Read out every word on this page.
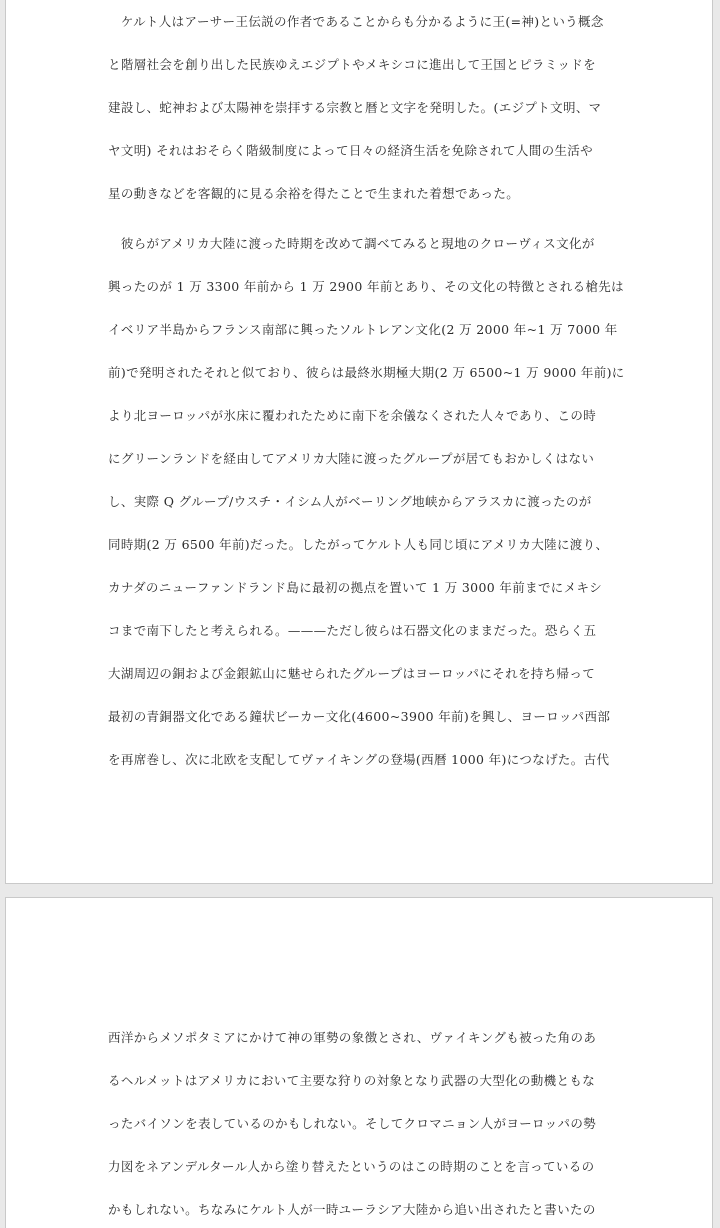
　ケルト人はアーサー王伝説の作者であることからも分かるように王(=神)という概念
と階層社会を創り出した民族ゆえエジプトやメキシコに進出して王国とピラミッドを
建設し、蛇神および太陽神を崇拝する宗教と暦と文字を発明した。(エジプト文明、マ
ヤ文明) それはおそらく階級制度によって日々の経済生活を免除されて人間の生活や
星の動きなどを客観的に見る余裕を得たことで生まれた着想であった。
　彼らがアメリカ大陸に渡った時期を改めて調べてみると現地のクローヴィス文化が
興ったのが 1 万 3300 年前から 1 万 2900 年前とあり、その文化の特徴とされる槍先は
イベリア半島からフランス南部に興ったソルトレアン文化(2 万 2000 年~1 万 7000 年
前)で発明されたそれと似ており、彼らは最終氷期極大期(2 万 6500~1 万 9000 年前)に
より北ヨーロッパが氷床に覆われたために南下を余儀なくされた人々であり、この時
にグリーンランドを経由してアメリカ大陸に渡ったグループが居てもおかしくはない
し、実際 Q グループ/ウスチ・イシム人がベーリング地峡からアラスカに渡ったのが
同時期(2 万 6500 年前)だった。したがってケルト人も同じ頃にアメリカ大陸に渡り、
カナダのニューファンドランド島に最初の拠点を置いて 1 万 3000 年前までにメキシ
コまで南下したと考えられる。———ただし彼らは石器文化のままだった。恐らく五
大湖周辺の銅および金銀鉱山に魅せられたグループはヨーロッパにそれを持ち帰って
最初の青銅器文化である鐘状ビーカー文化(4600~3900 年前)を興し、ヨーロッパ西部
を再席巻し、次に北欧を支配してヴァイキングの登場(西暦 1000 年)につなげた。古代
西洋からメソポタミアにかけて神の軍勢の象徴とされ、ヴァイキングも被った角のあ
るヘルメットはアメリカにおいて主要な狩りの対象となり武器の大型化の動機ともな
ったバイソンを表しているのかもしれない。そしてクロマニョン人がヨーロッパの勢
力図をネアンデルタール人から塗り替えたというのはこの時期のことを言っているの
かもしれない。ちなみにケルト人が一時ユーラシア大陸から追い出されたと書いたの
